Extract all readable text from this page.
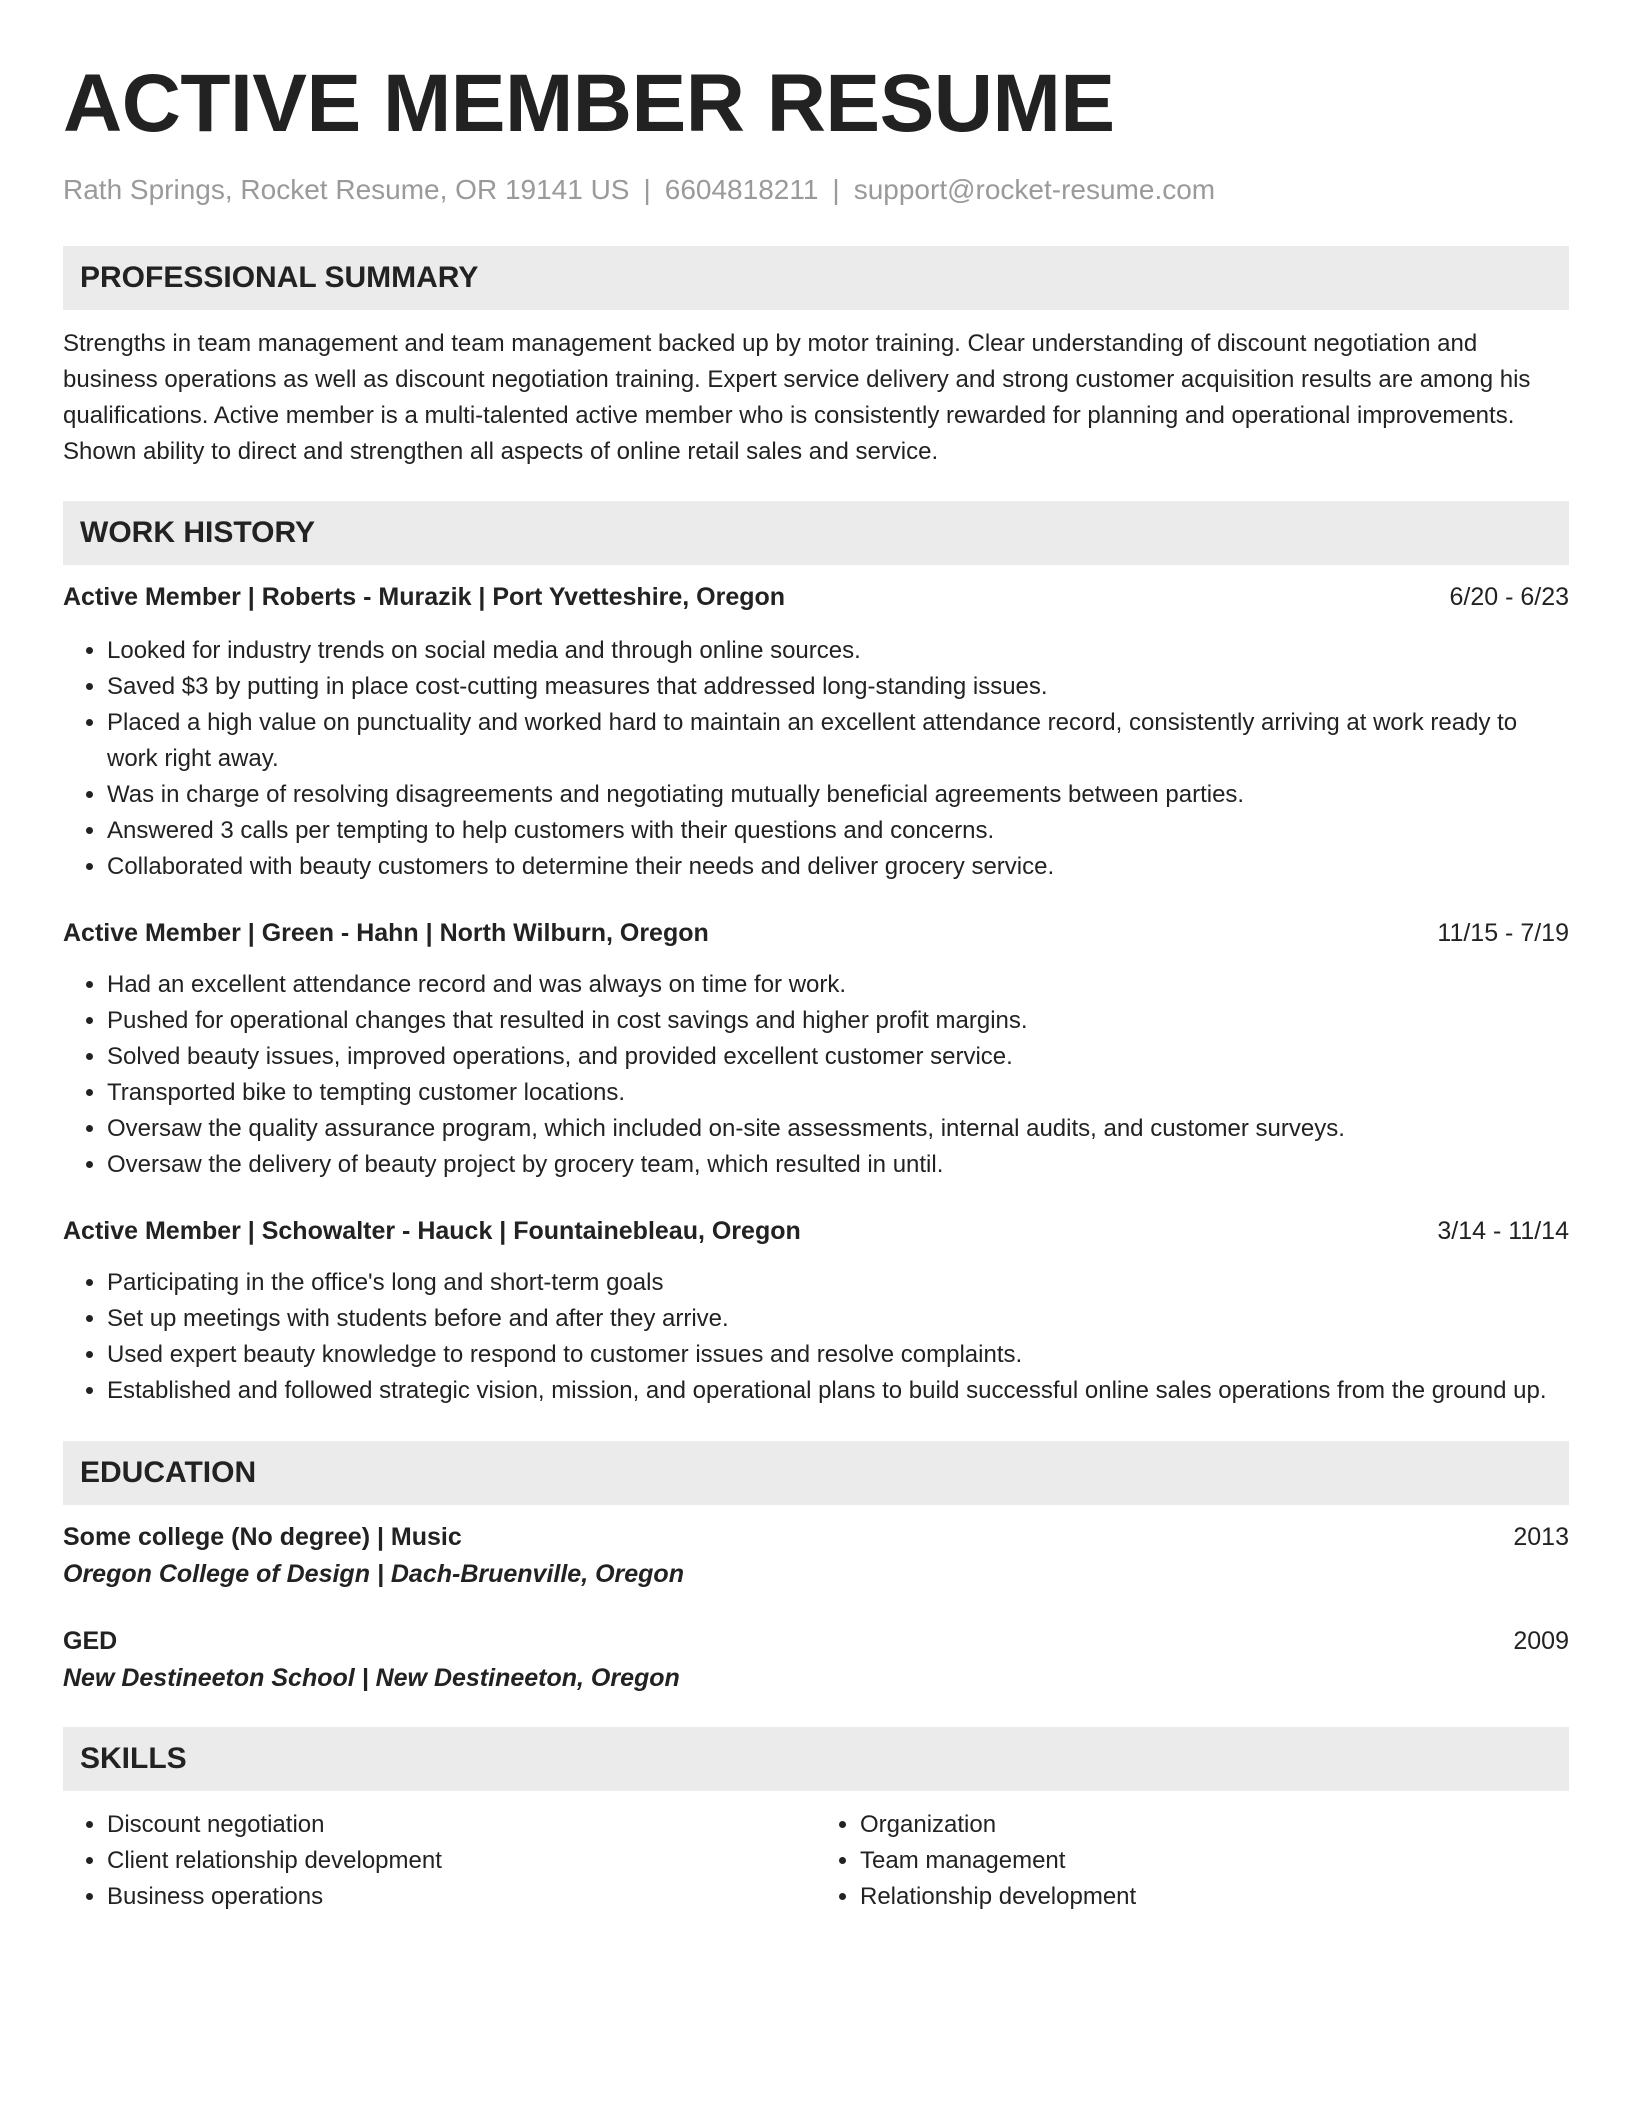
ACTIVE MEMBER RESUME
Rath Springs, Rocket Resume, OR 19141 US | 6604818211 | support@rocket-resume.com
PROFESSIONAL SUMMARY

Strengths in team management and team management backed up by motor training. Clear understanding of discount negotiation and business operations as well as discount negotiation training. Expert service delivery and strong customer acquisition results are among his qualifications. Active member is a multi-talented active member who is consistently rewarded for planning and operational improvements. Shown ability to direct and strengthen all aspects of online retail sales and service.

WORK HISTORY
Active Member | Roberts - Murazik | Port Yvetteshire, Oregon	6/20 - 6/23
• Looked for industry trends on social media and through online sources.
• Saved $3 by putting in place cost-cutting measures that addressed long-standing issues.
• Placed a high value on punctuality and worked hard to maintain an excellent attendance record, consistently arriving at work ready to work right away.
• Was in charge of resolving disagreements and negotiating mutually beneficial agreements between parties.
• Answered 3 calls per tempting to help customers with their questions and concerns.
• Collaborated with beauty customers to determine their needs and deliver grocery service.
Active Member | Green - Hahn | North Wilburn, Oregon	11/15 - 7/19
• Had an excellent attendance record and was always on time for work.
• Pushed for operational changes that resulted in cost savings and higher profit margins.
• Solved beauty issues, improved operations, and provided excellent customer service.
• Transported bike to tempting customer locations.
• Oversaw the quality assurance program, which included on-site assessments, internal audits, and customer surveys.
• Oversaw the delivery of beauty project by grocery team, which resulted in until.
Active Member | Schowalter - Hauck | Fountainebleau, Oregon	3/14 - 11/14
• Participating in the office's long and short-term goals
• Set up meetings with students before and after they arrive.
• Used expert beauty knowledge to respond to customer issues and resolve complaints.
• Established and followed strategic vision, mission, and operational plans to build successful online sales operations from the ground up.
EDUCATION
Some college (No degree) | Music	2013
Oregon College of Design | Dach-Bruenville, Oregon
GED	2009
New Destineeton School | New Destineeton, Oregon
SKILLS
• Discount negotiation
• Client relationship development
• Business operations
• Organization
• Team management
• Relationship development
